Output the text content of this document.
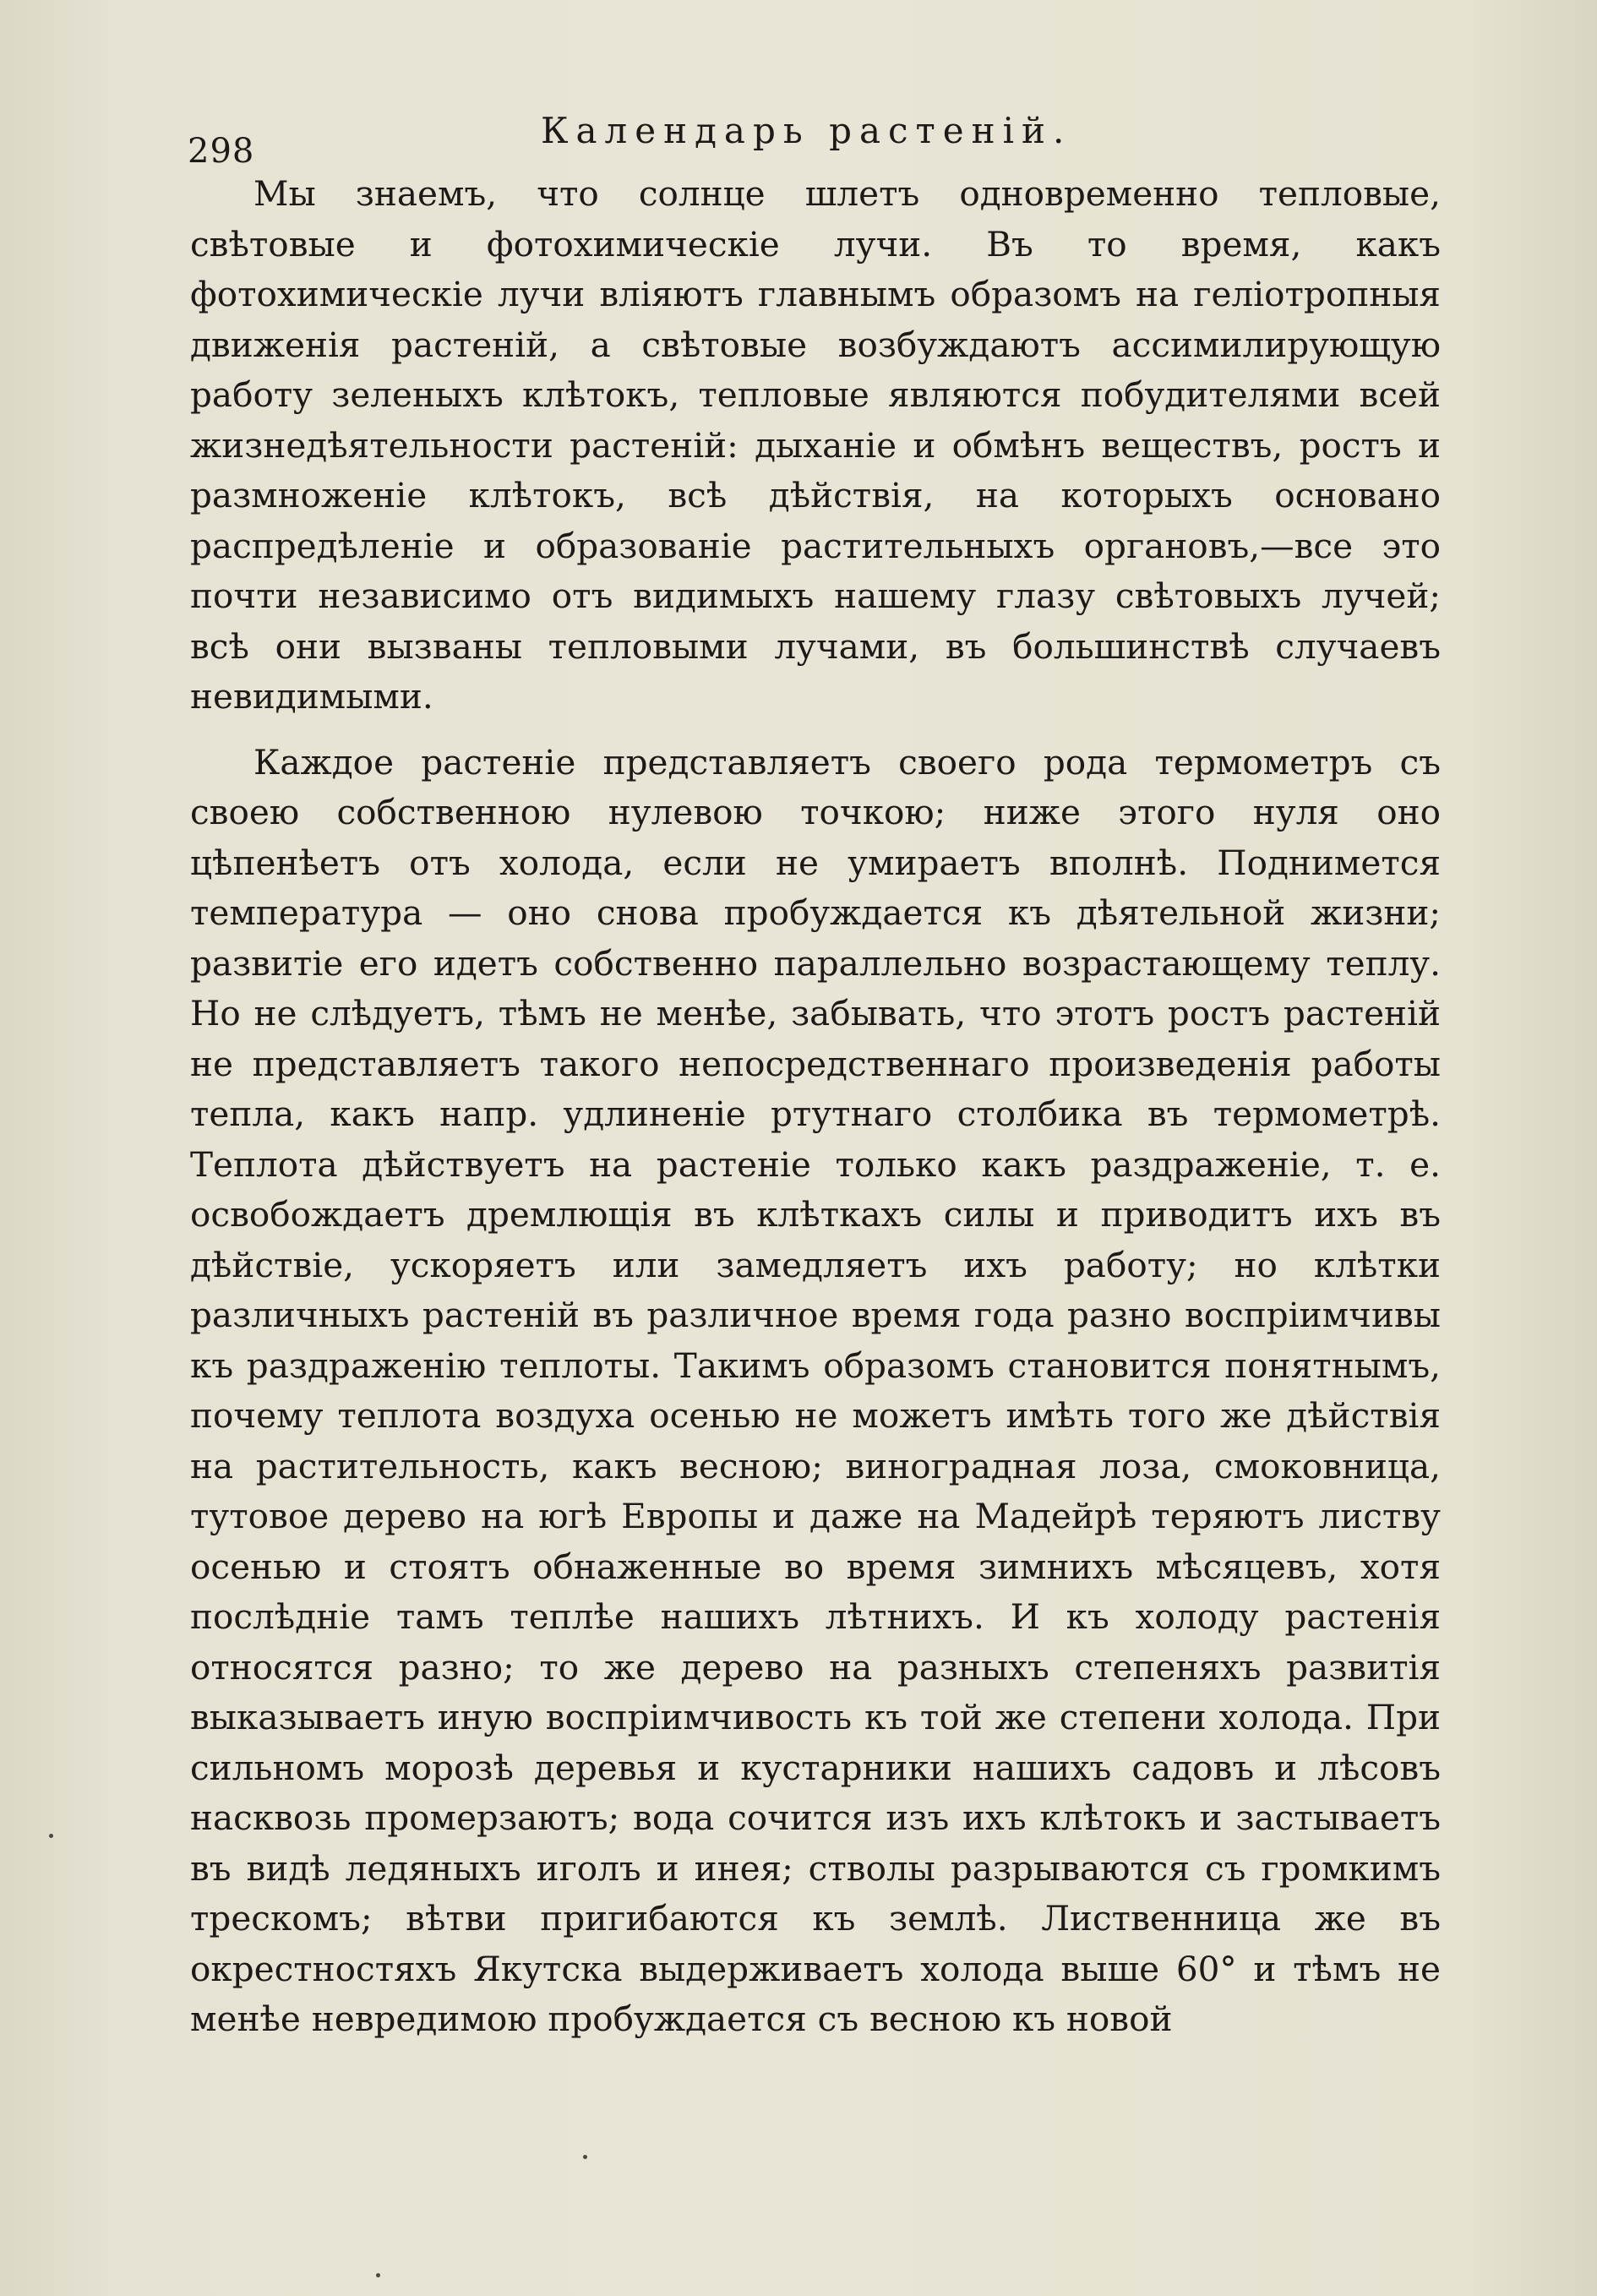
298	Календарь растеній.

Мы знаемъ, что солнце шлетъ одновременно тепловые, свѣтовые и фотохимическіе лучи. Въ то время, какъ фотохимическіе лучи вліяютъ главнымъ образомъ на геліотропныя движенія растеній, а свѣтовые возбуждаютъ ассимилирующую работу зеленыхъ клѣтокъ, тепловые являются побудителями всей жизнедѣятельности растеній: дыханіе и обмѣнъ веществъ, ростъ и размноженіе клѣтокъ, всѣ дѣйствія, на которыхъ основано распредѣленіе и образованіе растительныхъ органовъ,—все это почти независимо отъ видимыхъ нашему глазу свѣтовыхъ лучей; всѣ они вызваны тепловыми лучами, въ большинствѣ случаевъ невидимыми.

Каждое растеніе представляетъ своего рода термометръ съ своею собственною нулевою точкою; ниже этого нуля оно цѣпенѣетъ отъ холода, если не умираетъ вполнѣ. Поднимется температура — оно снова пробуждается къ дѣятельной жизни; развитіе его идетъ собственно параллельно возрастающему теплу. Но не слѣдуетъ, тѣмъ не менѣе, забывать, что этотъ ростъ растеній не представляетъ такого непосредственнаго произведенія работы тепла, какъ напр. удлиненіе ртутнаго столбика въ термометрѣ. Теплота дѣйствуетъ на растеніе только какъ раздраженіе, т. е. освобождаетъ дремлющія въ клѣткахъ силы и приводитъ ихъ въ дѣйствіе, ускоряетъ или замедляетъ ихъ работу; но клѣтки различныхъ растеній въ различное время года разно воспріимчивы къ раздраженію теплоты. Такимъ образомъ становится понятнымъ, почему теплота воздуха осенью не можетъ имѣть того же дѣйствія на растительность, какъ весною; виноградная лоза, смоковница, тутовое дерево на югѣ Европы и даже на Мадейрѣ теряютъ листву осенью и стоятъ обнаженные во время зимнихъ мѣсяцевъ, хотя послѣдніе тамъ теплѣе нашихъ лѣтнихъ. И къ холоду растенія относятся разно; то же дерево на разныхъ степеняхъ развитія выказываетъ иную воспріимчивость къ той же степени холода. При сильномъ морозѣ деревья и кустарники нашихъ садовъ и лѣсовъ насквозь промерзаютъ; вода сочится изъ ихъ клѣтокъ и застываетъ въ видѣ ледяныхъ иголъ и инея; стволы разрываются съ громкимъ трескомъ; вѣтви пригибаются къ землѣ. Лиственница же въ окрестностяхъ Якутска выдерживаетъ холода выше 60° и тѣмъ не менѣе невредимою пробуждается съ весною къ новой
